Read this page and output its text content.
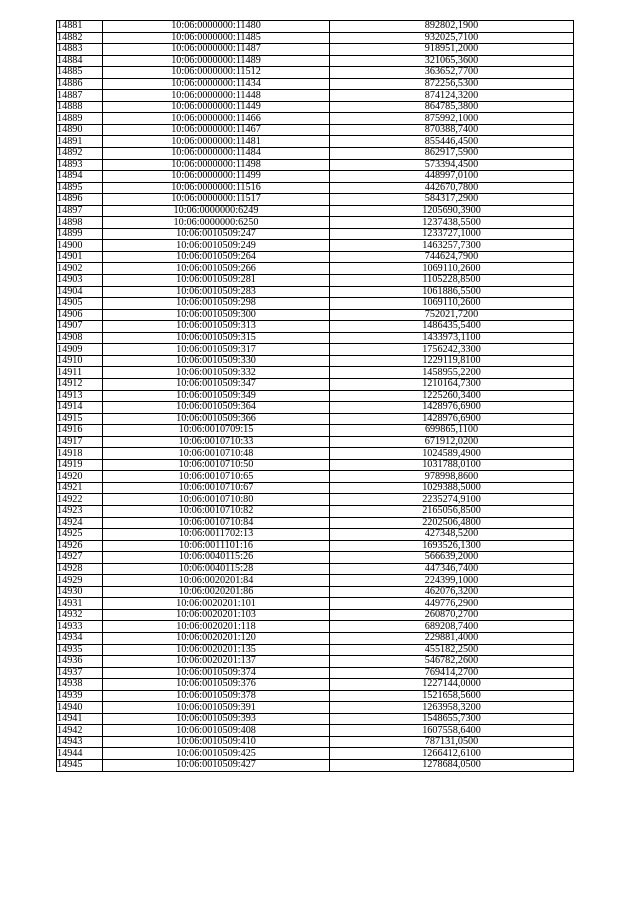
14881	10:06:0000000:11480	892802,1900
14882	10:06:0000000:11485	932025,7100
14883	10:06:0000000:11487	918951,2000
14884	10:06:0000000:11489	321065,3600
14885	10:06:0000000:11512	363652,7700
14886	10:06:0000000:11434	872256,5300
14887	10:06:0000000:11448	874124,3200
14888	10:06:0000000:11449	864785,3800
14889	10:06:0000000:11466	875992,1000
14890	10:06:0000000:11467	870388,7400
14891	10:06:0000000:11481	855446,4500
14892	10:06:0000000:11484	862917,5900
14893	10:06:0000000:11498	573394,4500
14894	10:06:0000000:11499	448997,0100
14895	10:06:0000000:11516	442670,7800
14896	10:06:0000000:11517	584317,2900
14897	10:06:0000000:6249	1205690,3900
14898	10:06:0000000:6250	1237438,5500
14899	10:06:0010509:247	1233727,1000
14900	10:06:0010509:249	1463257,7300
14901	10:06:0010509:264	744624,7900
14902	10:06:0010509:266	1069110,2600
14903	10:06:0010509:281	1105228,8500
14904	10:06:0010509:283	1061886,5500
14905	10:06:0010509:298	1069110,2600
14906	10:06:0010509:300	752021,7200
14907	10:06:0010509:313	1486435,5400
14908	10:06:0010509:315	1433973,1100
14909	10:06:0010509:317	1756242,3300
14910	10:06:0010509:330	1229119,8100
14911	10:06:0010509:332	1458955,2200
14912	10:06:0010509:347	1210164,7300
14913	10:06:0010509:349	1225260,3400
14914	10:06:0010509:364	1428976,6900
14915	10:06:0010509:366	1428976,6900
14916	10:06:0010709:15	699865,1100
14917	10:06:0010710:33	671912,0200
14918	10:06:0010710:48	1024589,4900
14919	10:06:0010710:50	1031788,0100
14920	10:06:0010710:65	978998,8600
14921	10:06:0010710:67	1029388,5000
14922	10:06:0010710:80	2235274,9100
14923	10:06:0010710:82	2165056,8500
14924	10:06:0010710:84	2202506,4800
14925	10:06:0011702:13	427348,5200
14926	10:06:0011101:16	1693526,1300
14927	10:06:0040115:26	566639,2000
14928	10:06:0040115:28	447346,7400
14929	10:06:0020201:84	224399,1000
14930	10:06:0020201:86	462076,3200
14931	10:06:0020201:101	449776,2900
14932	10:06:0020201:103	260870,2700
14933	10:06:0020201:118	689208,7400
14934	10:06:0020201:120	229881,4000
14935	10:06:0020201:135	455182,2500
14936	10:06:0020201:137	546782,2600
14937	10:06:0010509:374	769414,2700
14938	10:06:0010509:376	1227144,0000
14939	10:06:0010509:378	1521658,5600
14940	10:06:0010509:391	1263958,3200
14941	10:06:0010509:393	1548655,7300
14942	10:06:0010509:408	1607558,6400
14943	10:06:0010509:410	787131,0500
14944	10:06:0010509:425	1266412,6100
14945	10:06:0010509:427	1278684,0500
